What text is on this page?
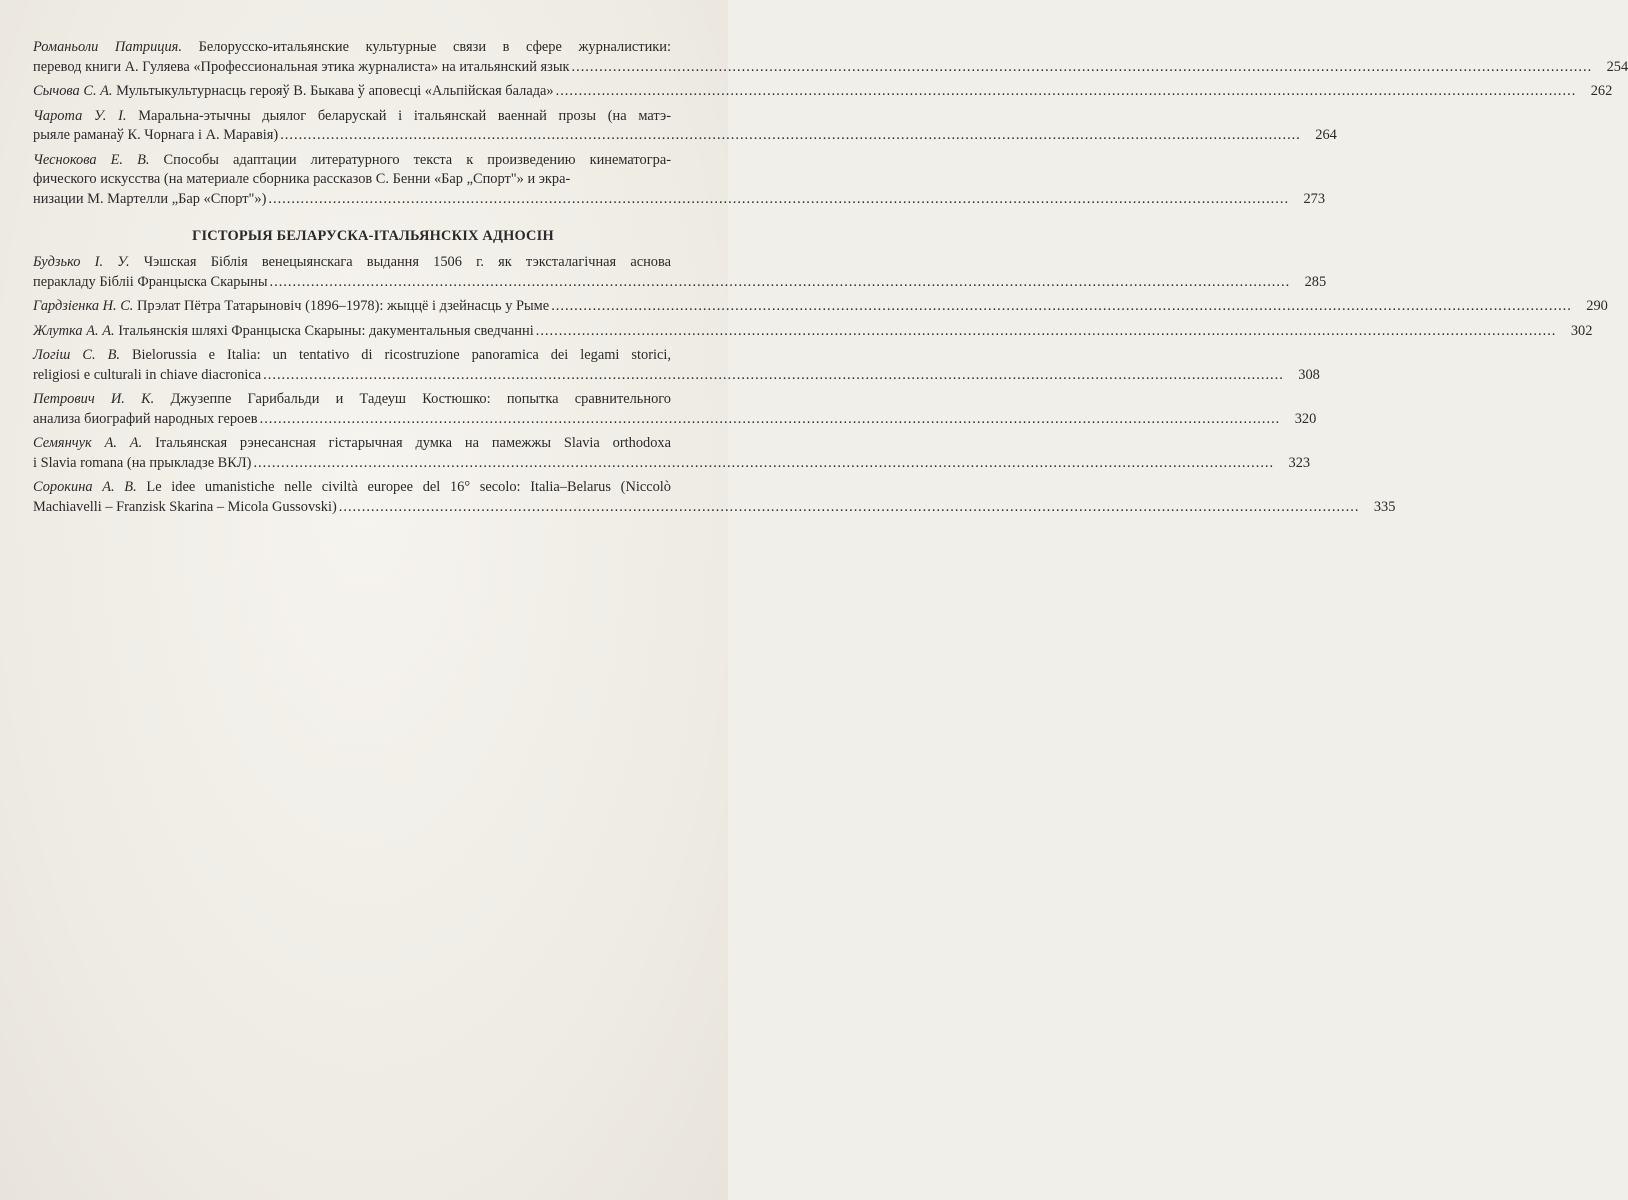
Романьоли Патриция. Белорусско-итальянские культурные связи в сфере журналистики:
перевод книги А. Гуляева «Профессиональная этика журналиста» на итальянский язык .....	254
Сычова С. А. Мультыкультурнасць герояў В. Быкава ў аповесці «Альпійская балада» .....	262
Чарота У. І. Маральна-этычны дыялог беларускай і італьянскай ваеннай прозы (на матэ-
рыяле раманаў К. Чорнага і А. Маравія) .....	264
Чеснокова Е. В. Способы адаптации литературного текста к произведению кинематогра-
фического искусства (на материале сборника рассказов С. Бенни «Бар „Спорт"» и экра-
низации М. Мартелли „Бар «Спорт"») .....	273
ГІСТОРЫЯ БЕЛАРУСКА-ІТАЛЬЯНСКІХ АДНОСІН
Будзько І. У. Чэшская Біблія венецыянскага выдання 1506 г. як тэксталагічная аснова
перакладу Бібліі Францыска Скарыны .....	285
Гардзіенка Н. С. Прэлат Пётра Татарыновіч (1896–1978): жыццё і дзейнасць у Рыме .....	290
Жлутка А. А. Італьянскія шляхі Францыска Скарыны: дакументальныя сведчанні .....	302
Логіш С. В. Bielorussia e Italia: un tentativo di ricostruzione panoramica dei legami storici,
religiosi e culturali in chiave diacronica .....	308
Петрович И. К. Джузеппе Гарибальди и Тадеуш Костюшко: попытка сравнительного
анализа биографий народных героев .....	320
Семянчук А. А. Італьянская рэнесансная гістарычная думка на памежжы Slavia orthodoxa
і Slavia romana (на прыкладзе ВКЛ) .....	323
Сорокина А. В. Le idee umanistiche nelle civiltà europee del 16° secolo: Italia–Belarus (Niccolò
Machiavelli – Franzisk Skarina – Micola Gussovski) .....	335
